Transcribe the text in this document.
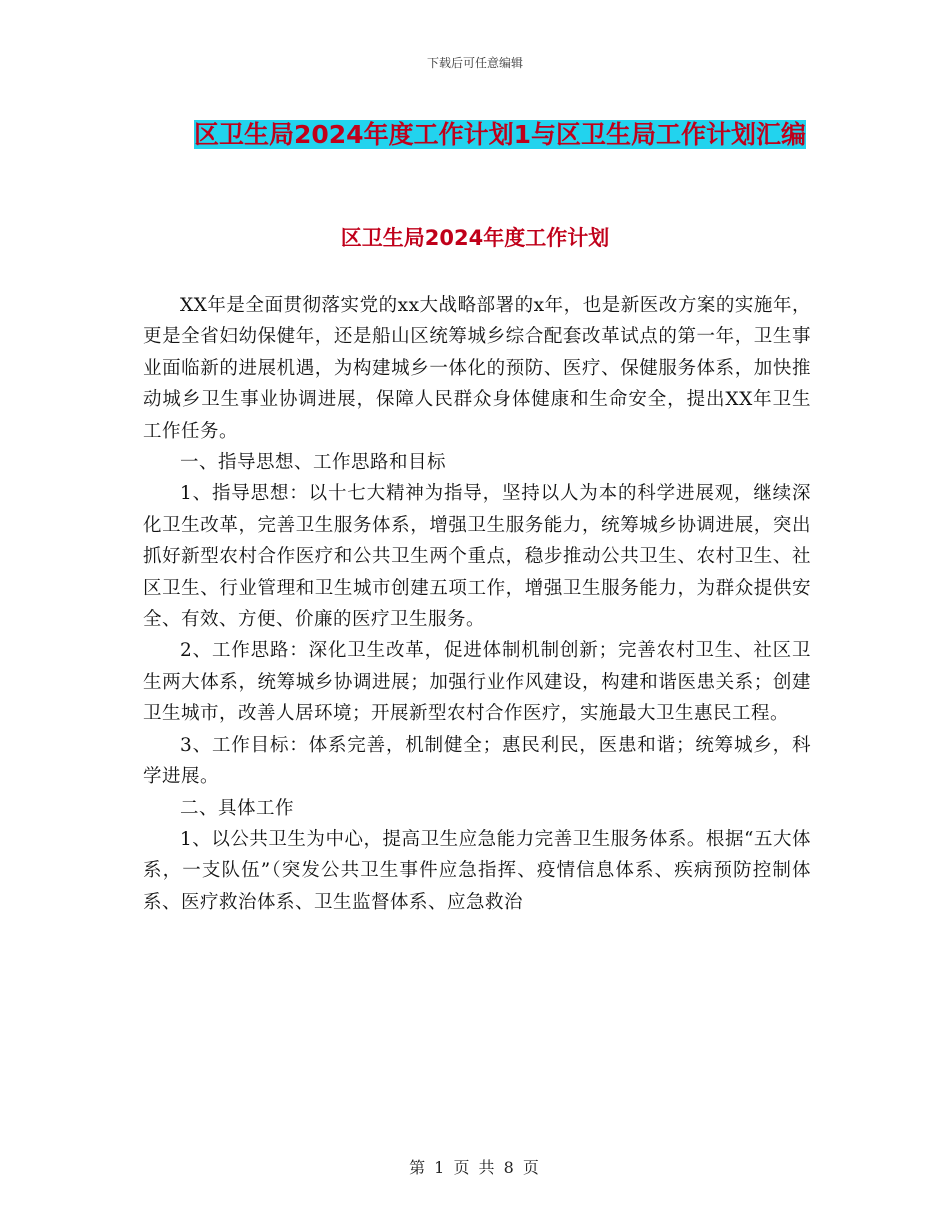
下载后可任意编辑
区卫生局2024年度工作计划1与区卫生局工作计划汇编
区卫生局2024年度工作计划

XX年是全面贯彻落实党的xx大战略部署的x年，也是新医改方案的实施年，更是全省妇幼保健年，还是船山区统筹城乡综合配套改革试点的第一年，卫生事业面临新的进展机遇，为构建城乡一体化的预防、医疗、保健服务体系，加快推动城乡卫生事业协调进展，保障人民群众身体健康和生命安全，提出XX年卫生工作任务。

一、指导思想、工作思路和目标

1、指导思想：以十七大精神为指导，坚持以人为本的科学进展观，继续深化卫生改革，完善卫生服务体系，增强卫生服务能力，统筹城乡协调进展，突出抓好新型农村合作医疗和公共卫生两个重点，稳步推动公共卫生、农村卫生、社区卫生、行业管理和卫生城市创建五项工作，增强卫生服务能力，为群众提供安全、有效、方便、价廉的医疗卫生服务。

2、工作思路：深化卫生改革，促进体制机制创新；完善农村卫生、社区卫生两大体系，统筹城乡协调进展；加强行业作风建设，构建和谐医患关系；创建卫生城市，改善人居环境；开展新型农村合作医疗，实施最大卫生惠民工程。

3、工作目标：体系完善，机制健全；惠民利民，医患和谐；统筹城乡，科学进展。

二、具体工作

1、以公共卫生为中心，提高卫生应急能力完善卫生服务体系。根据“五大体系，一支队伍”（突发公共卫生事件应急指挥、疫情信息体系、疾病预防控制体系、医疗救治体系、卫生监督体系、应急救治

第 1 页 共 8 页
